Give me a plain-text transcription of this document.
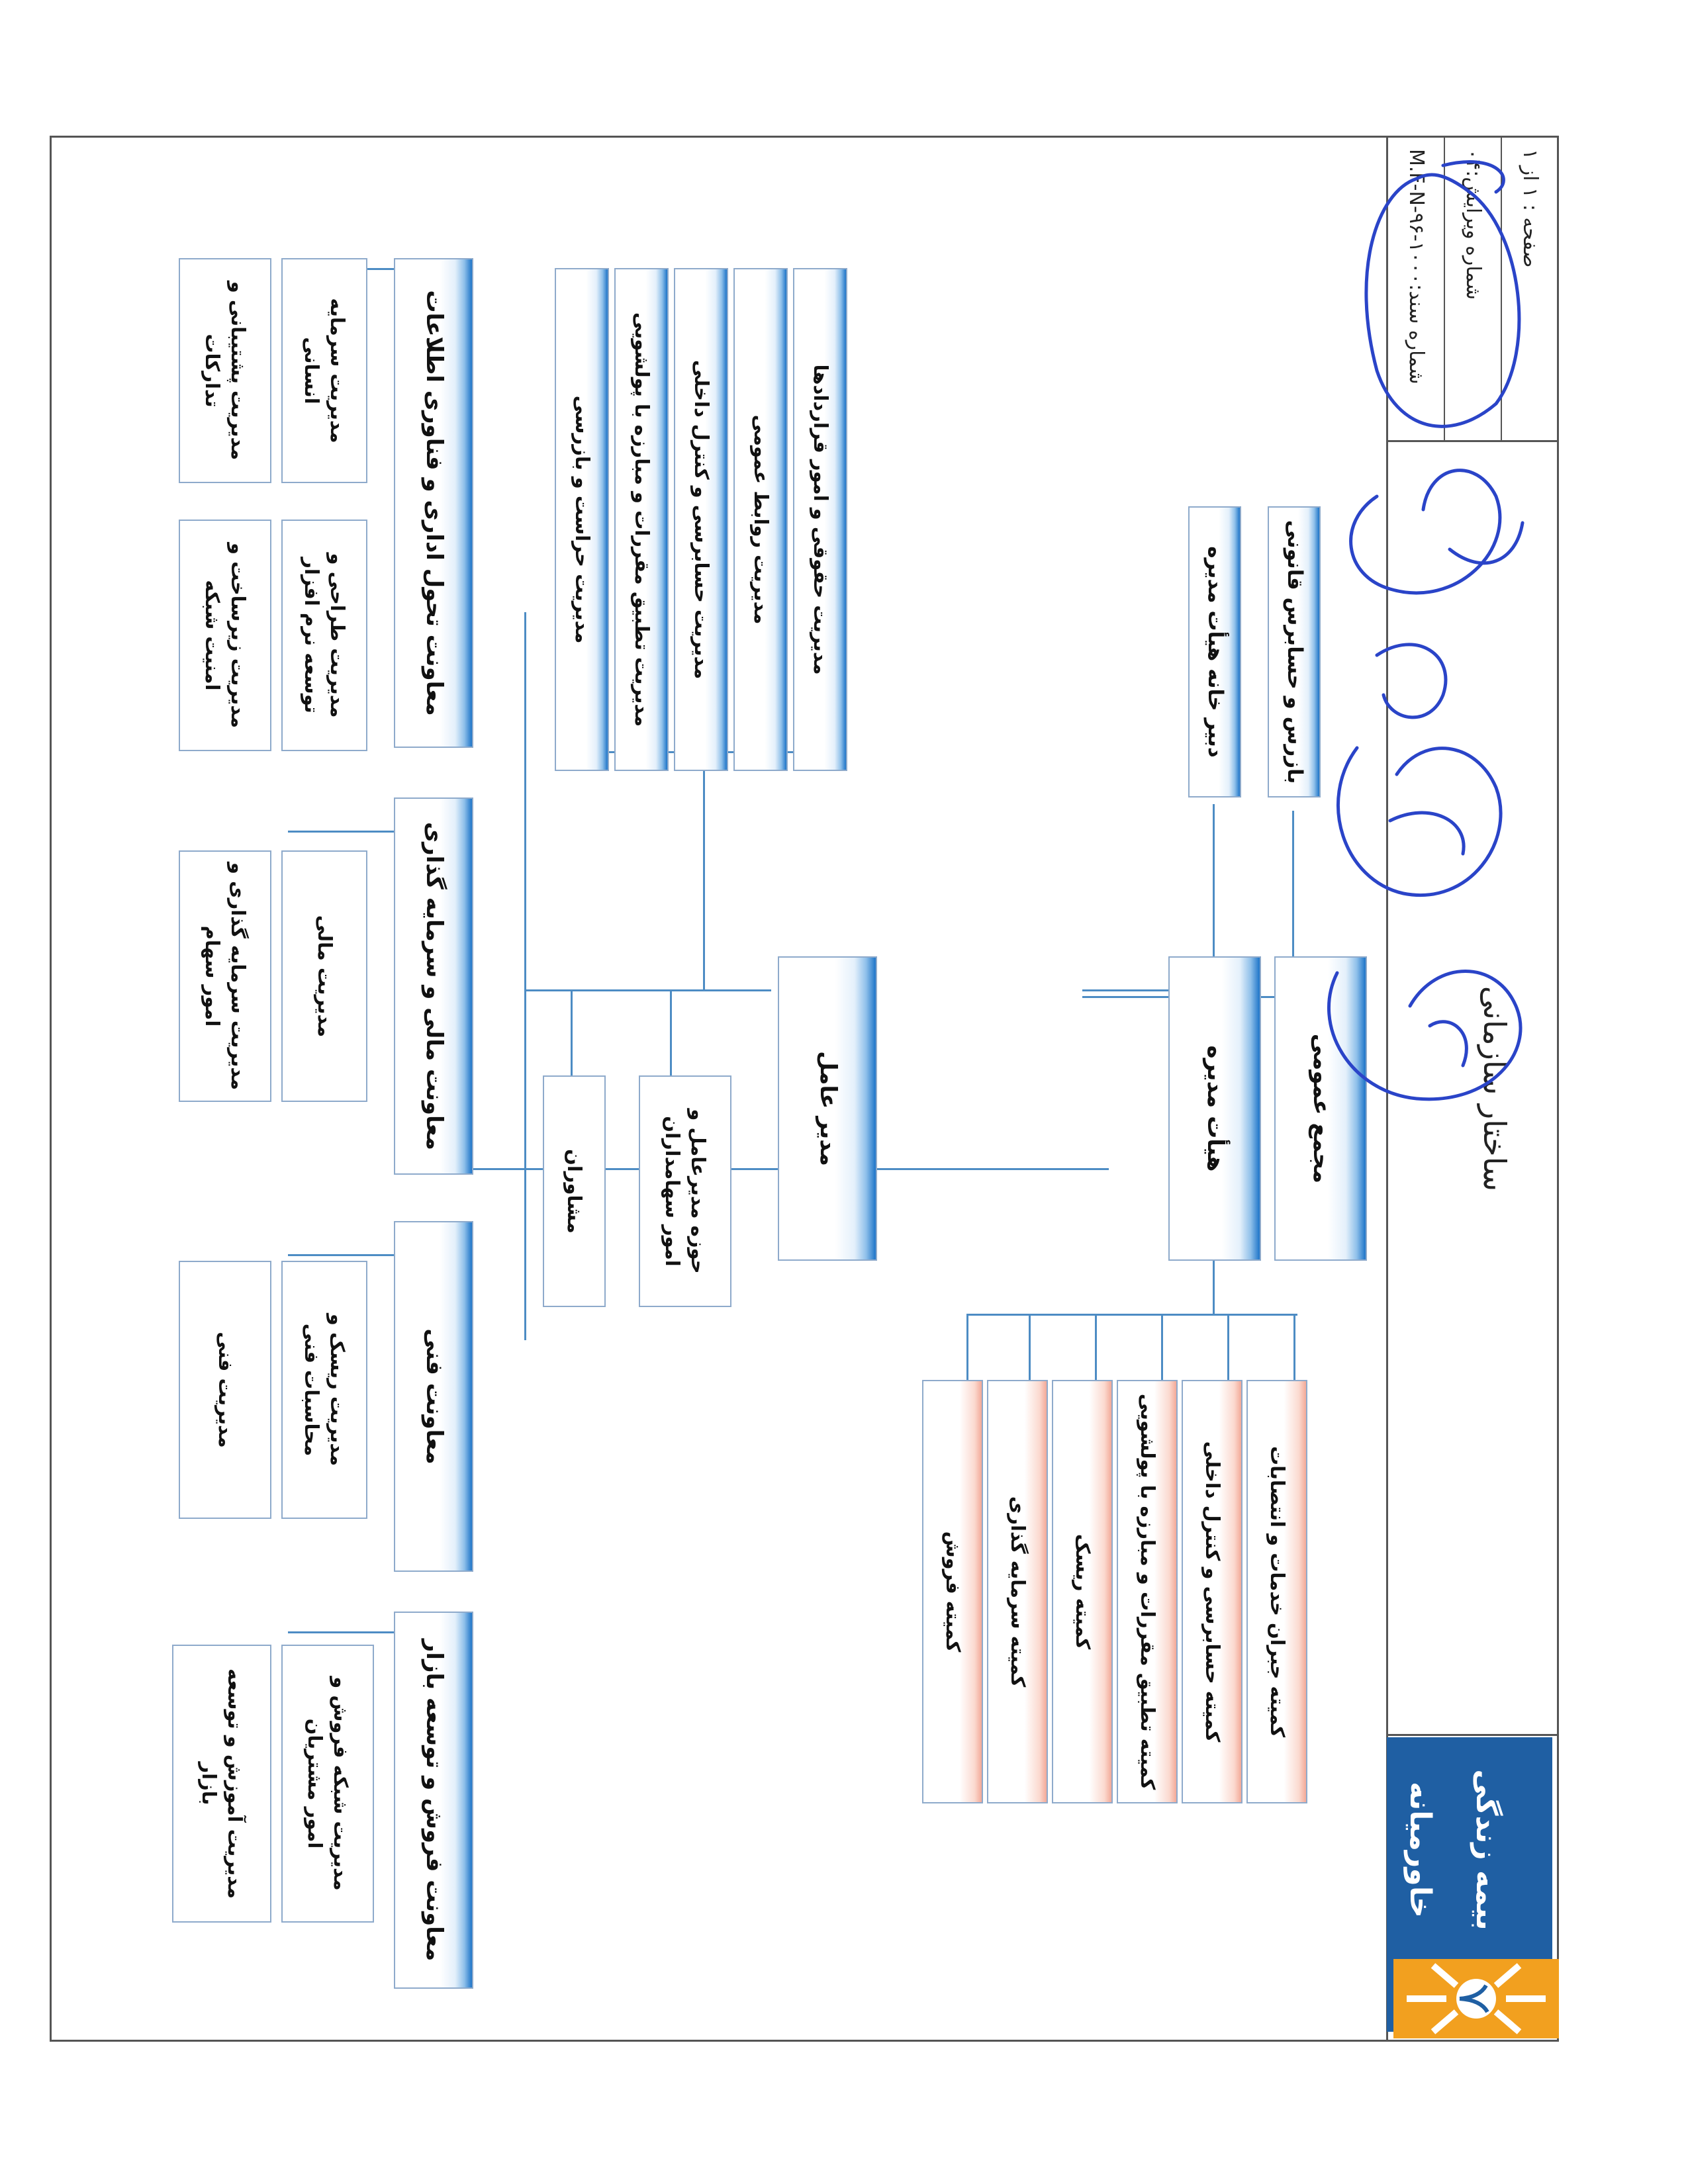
صفحه : ۱ از ۱
شماره ویرایش:۰۴
شماره سند:۱۰۰۰-M.F-N-۹۶
ساختار سازمانی
بیمه زندگی خاورمیانه
مجمع عمومی
هیأت مدیره
مدیر عامل
بازرس و حسابرس قانونی
دبیر خانه هیأت مدیره
کمیته جبران خدمات و انتصابات
کمیته حسابرسی و کنترل داخلی
کمیته تطبیق مقررات و مبارزه با پولشویی
کمیته ریسک
کمیته سرمایه گذاری
کمیته فروش
حوزه مدیرعامل و امور سهامداران
مشاوران
مدیریت حقوقی و امور قراردادها
مدیریت روابط عمومی
مدیریت حسابرسی و کنترل داخلی
مدیریت تطبیق مقررات و مبارزه با پولشویی
مدیریت حراست و بازرسی
معاونت تحول اداری و فناوری اطلاعات
معاونت مالی و سرمایه گذاری
معاونت فنی
معاونت فروش و توسعه بازار
مدیریت سرمایه انسانی
مدیریت پشتیبانی و تدارکات
مدیریت طراحی و توسعه نرم افزار
مدیریت زیرساخت و امنیت شبکه
مدیریت مالی
مدیریت سرمایه گذاری و امور سهام
مدیریت ریسک و محاسبات فنی
مدیریت فنی
مدیریت شبکه فروش و امور مشتریان
مدیریت آموزش و توسعه بازار
